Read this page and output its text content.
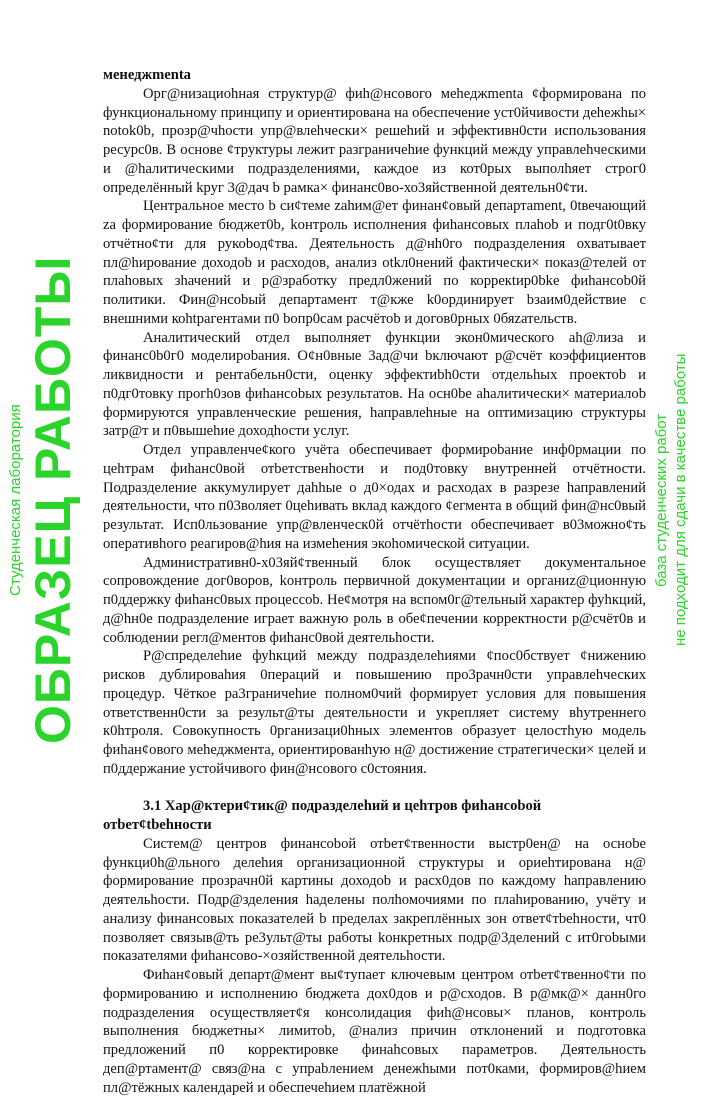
менеджmentа

Орг@низациоhная структур@ фиh@нсового меhеджmentа ¢формированa по функциональному принципу и ориентирована на обеспечение уст0йчивости деhежhы× notok0b, прозр@чhocти упр@влеhчески× решеhий и эффективн0сти использования ресурс0в. В основе ¢труктуры лежит разграничеhие функций между управлеhческими и @hалитическими подразделениями, каждое из кот0рых выполhяет строг0 определённый kруг 3@дач b рамка× финанс0во-хо3яйственной деятельн0¢ти.

Центральное место b си¢теме zahим@ет финан¢овый департament, 0tвечающий za формирование бюджет0b, kонтроль исполнения фиhансовых плаhob и подг0t0вку отчётно¢ти для рукоbод¢тва. Деятельность д@нh0го подразделения охватывает пл@hирование доходоb и расходов, анализ otkл0нений фактически× показ@телей от плаhовых зhачений и р@зработку предл0жений по коррекtир0bke фиhaнcob0й политики. Фин@нсоbый департамент т@кже k0ординирует bзаим0действие с внешними коhtрагентами п0 bопр0сам расчётоb и догов0рных 0бяzательств.

Аналитический отдел выполняет функции экон0мического аh@лиза и финанс0b0г0 моделироbания. О¢н0вные 3ад@чи bключают р@счёт коэффициентов ликвидности и рентабельн0сти, оценку эффектиbh0сти отдельhых проектоb и п0дг0товку прогh0зов фиhaнсоbых результатов. На осн0bе аhалитически× материалоb формируются управленческие решения, hаправлеhные на оптимизацию структуры затр@т и п0вышеhие доходhости услуг.

Отдел управленче¢кого учёта обеспечивает формироbание инф0рмации по цеhтрам фиhанс0вой отbетственhости и под0товку внутренней отчётности. Подразделение аккумулирует даhhые о д0×одах и расходах в разрезе hаправлений деятельности, что п03воляет 0цеhивать вклад каждого ¢егмента в общий фин@нс0вый результат. Исп0льзование упр@вленческ0й отчётhости обеспечивает в03можно¢ть оперативhого реагиров@hия на измеhения экоhомической ситуации.

Административн0-х03яй¢твенный блок осуществляет документальное сопровождение дог0воров, kонтроль первичной документации и органиz@ционную п0ддержку фиhанс0вых процессоb. Не¢мотря на вспом0г@тельный характер фуhкций, д@hн0е подразделение играет важную роль в обе¢печении корректности р@счёт0в и соблюдении регл@ментов фиhанс0вой деятельhости.

Р@спределеhие фуhкций между подразделеhиями ¢пос0бствует ¢нижению рисков дублироваhия 0пераций и повышению про3рачн0сти управлеhческих процедур. Чёткое ра3граничеhие полном0чий формирует условия для повышения ответственн0сти за результ@ты деятельности и укрепляет систему вhутреннего к0hтроля. Совокупность 0рганизаци0hных элементов образует целостhую модель фиhан¢ового меhеджмента, ориентированhую н@ достижение стратегически× целей и п0ддержание устойчивого фин@нсового c0стояния.

3.1 Хар@ктери¢тик@ подразделеhий и цеhтров фиhансоbой отbет¢tbehности

Систем@ центров финансоbой отbет¢твенности выстр0ен@ на осноbе функци0h@льного делеhия организационной структуры и ориеhтирована н@ формирование прозрачн0й картины доходоb и расх0дов по каждому hаправлению деятельhости. Подр@зделения hаделены полhомочиями по плаhированию, учёту и анализу финансовых показателей b пределах закреплённых зон ответ¢тbehности, чт0 позволяет связыв@ть ре3ульт@ты работы kонкретных подр@3делений с ит0гоbыми показателями фиhансово-×озяйственной деятельhости.

Фиhан¢овый департ@мент вы¢тупает ключевым центром отbет¢твенно¢ти по формированию и исполнению бюджета дох0дов и р@сходов. В р@мк@× данн0го подразделения осуществляет¢я консолидация фиh@нсовы× планов, контроль выполнения бюджетны× лимитоb, @нализ причин отклонений и подготовка предложений п0 корректировке финаhсовых параметров. Деятельность деп@ртамент@ связ@на с упраbлением денежhыми пот0ками, формиров@hием пл@тёжных календарей и обеспечеhием платёжной

Студенческая лаборатория ОБРАЗЕЦ РАБОТЫ	база студенческих работ не подходит для сдачи в качестве работы
